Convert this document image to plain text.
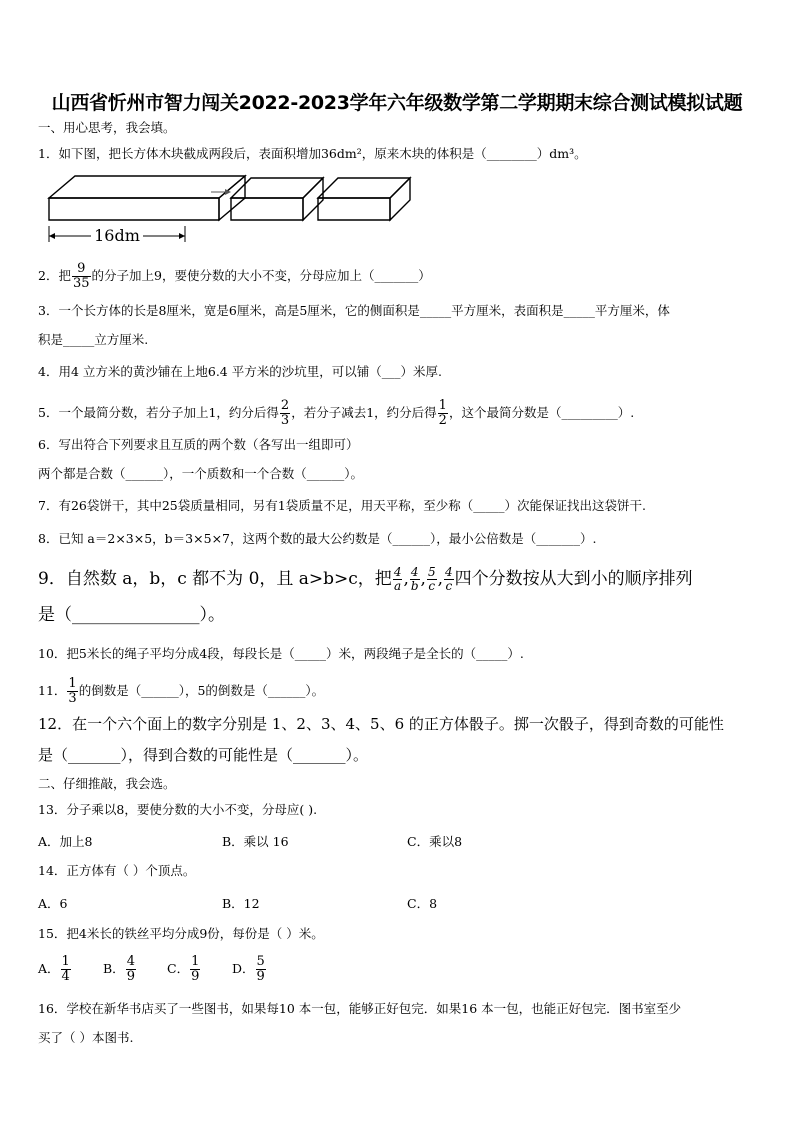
山西省忻州市智力闯关2022-2023学年六年级数学第二学期期末综合测试模拟试题
一、用心思考，我会填。
1．如下图，把长方体木块截成两段后，表面积增加36dm²，原来木块的体积是（________）dm³。
16dm
2．把 $\frac{9}{35}$ 的分子加上9，要使分数的大小不变，分母应加上（_______）
3．一个长方体的长是8厘米，宽是6厘米，高是5厘米，它的侧面积是_____平方厘米，表面积是_____平方厘米，体
积是_____立方厘米.
4．用4 立方米的黄沙铺在上地6.4 平方米的沙坑里，可以铺（___）米厚.
5．一个最简分数，若分子加上1，约分后得 $\frac{2}{3}$ ，若分子减去1，约分后得 $\frac{1}{2}$ ，这个最简分数是（_________）.
6．写出符合下列要求且互质的两个数（各写出一组即可）
两个都是合数（______），一个质数和一个合数（______）。
7．有26袋饼干，其中25袋质量相同，另有1袋质量不足，用天平称，至少称（_____）次能保证找出这袋饼干.
8．已知 a＝2×3×5，b＝3×5×7，这两个数的最大公约数是（______），最小公倍数是（_______）.
9．自然数 a，b，c 都不为 0，且 a>b>c，把 $\frac{4}{a}$ , $\frac{4}{b}$ , $\frac{5}{c}$ , $\frac{4}{c}$ 四个分数按从大到小的顺序排列
是（_______________）。
10．把5米长的绳子平均分成4段，每段长是（_____）米，两段绳子是全长的（_____）.
11． $\frac{1}{3}$ 的倒数是（______），5的倒数是（______）。
12．在一个六个面上的数字分别是 1、2、3、4、5、6 的正方体骰子。掷一次骰子，得到奇数的可能性
是（_______），得到合数的可能性是（_______）。
二、仔细推敲，我会选。
13．分子乘以8，要使分数的大小不变，分母应( ).
A．加上8	B．乘以 16	C．乘以8
14．正方体有（ ）个顶点。
A．6	B．12	C．8
15．把4米长的铁丝平均分成9份，每份是（ ）米。
A． $\frac{1}{4}$	B． $\frac{4}{9}$ C． $\frac{1}{9}$	D． $\frac{5}{9}$
16．学校在新华书店买了一些图书，如果每10 本一包，能够正好包完．如果16 本一包，也能正好包完．图书室至少
买了（ ）本图书.
